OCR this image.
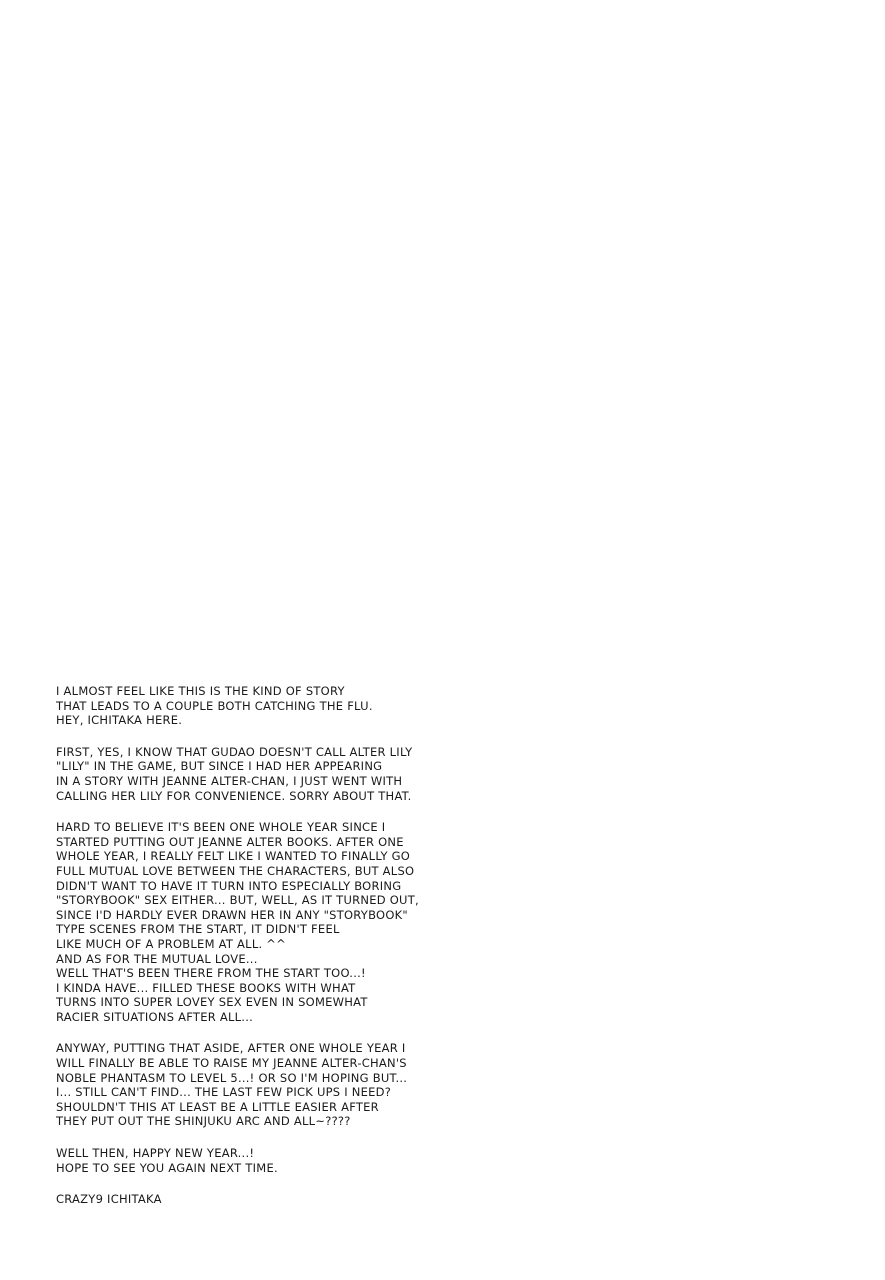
I ALMOST FEEL LIKE THIS IS THE KIND OF STORY
THAT LEADS TO A COUPLE BOTH CATCHING THE FLU.
HEY, ICHITAKA HERE.

FIRST, YES, I KNOW THAT GUDAO DOESN'T CALL ALTER LILY
"LILY" IN THE GAME, BUT SINCE I HAD HER APPEARING
IN A STORY WITH JEANNE ALTER-CHAN, I JUST WENT WITH
CALLING HER LILY FOR CONVENIENCE. SORRY ABOUT THAT.

HARD TO BELIEVE IT'S BEEN ONE WHOLE YEAR SINCE I
STARTED PUTTING OUT JEANNE ALTER BOOKS. AFTER ONE
WHOLE YEAR, I REALLY FELT LIKE I WANTED TO FINALLY GO
FULL MUTUAL LOVE BETWEEN THE CHARACTERS, BUT ALSO
DIDN'T WANT TO HAVE IT TURN INTO ESPECIALLY BORING
"STORYBOOK" SEX EITHER... BUT, WELL, AS IT TURNED OUT,
SINCE I'D HARDLY EVER DRAWN HER IN ANY "STORYBOOK"
TYPE SCENES FROM THE START, IT DIDN'T FEEL
LIKE MUCH OF A PROBLEM AT ALL. ^^
AND AS FOR THE MUTUAL LOVE...
WELL THAT'S BEEN THERE FROM THE START TOO...!
I KINDA HAVE... FILLED THESE BOOKS WITH WHAT
TURNS INTO SUPER LOVEY SEX EVEN IN SOMEWHAT
RACIER SITUATIONS AFTER ALL...

ANYWAY, PUTTING THAT ASIDE, AFTER ONE WHOLE YEAR I
WILL FINALLY BE ABLE TO RAISE MY JEANNE ALTER-CHAN'S
NOBLE PHANTASM TO LEVEL 5...! OR SO I'M HOPING BUT...
I... STILL CAN'T FIND... THE LAST FEW PICK UPS I NEED?
SHOULDN'T THIS AT LEAST BE A LITTLE EASIER AFTER
THEY PUT OUT THE SHINJUKU ARC AND ALL~????

WELL THEN, HAPPY NEW YEAR...!
HOPE TO SEE YOU AGAIN NEXT TIME.

CRAZY9 ICHITAKA
